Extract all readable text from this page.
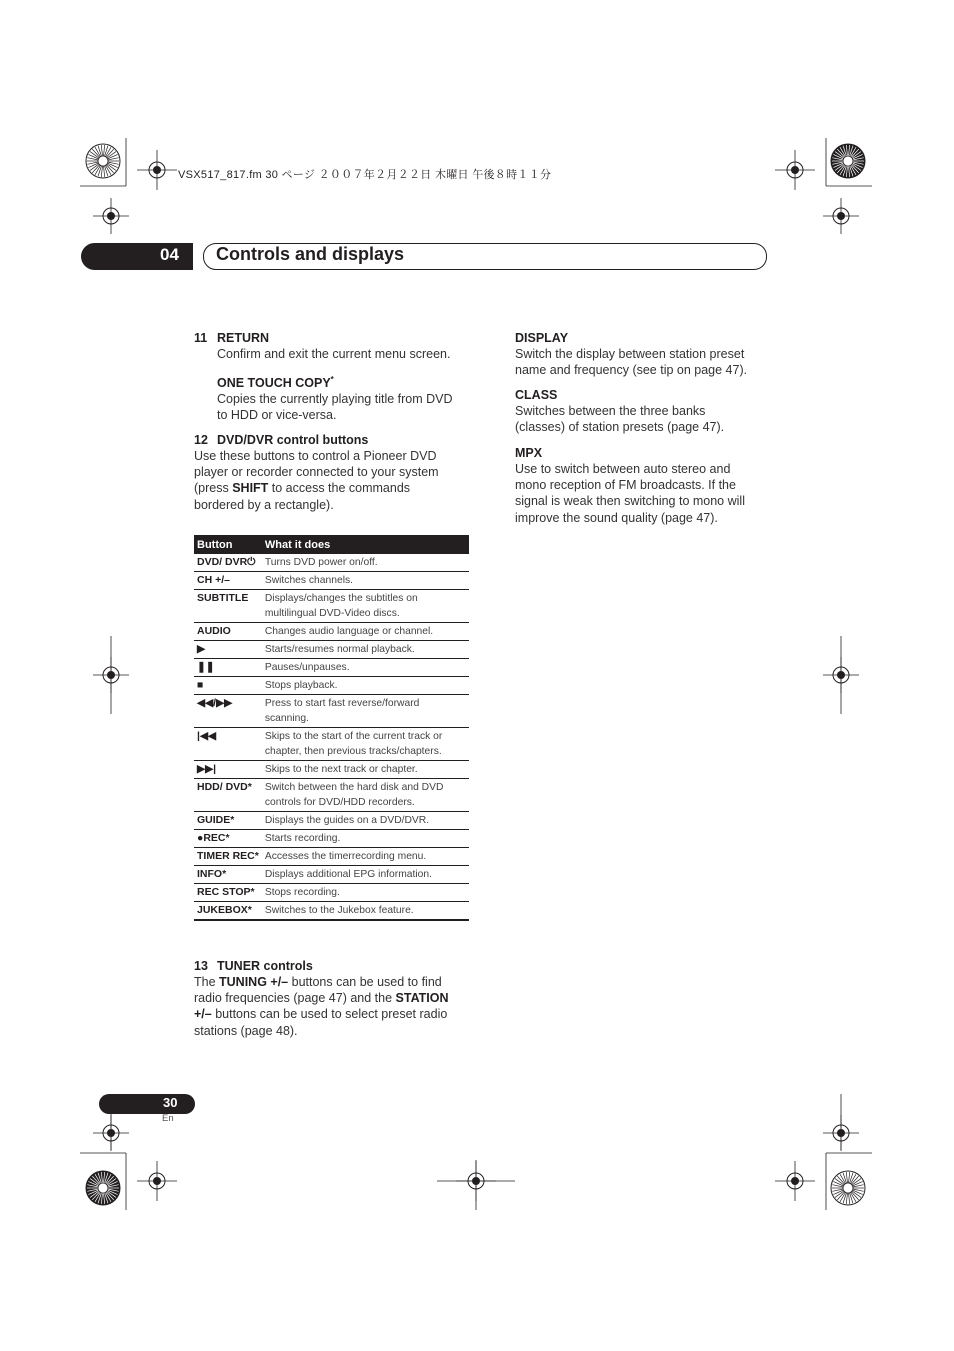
VSX517_817.fm 30 ページ ２００７年２月２２日 木曜日 午後８時１１分
04 Controls and displays
11 RETURN
Confirm and exit the current menu screen.
ONE TOUCH COPY*
Copies the currently playing title from DVD
to HDD or vice-versa.
12 DVD/DVR control buttons
Use these buttons to control a Pioneer DVD
player or recorder connected to your system
(press SHIFT to access the commands
bordered by a rectangle).
Button	What it does
DVD/ DVR⏻	Turns DVD power on/off.
CH +/–	Switches channels.
SUBTITLE	Displays/changes the subtitles on multilingual DVD-Video discs.
AUDIO	Changes audio language or channel.
▶	Starts/resumes normal playback.
❚❚	Pauses/unpauses.
■	Stops playback.
◀◀/▶▶	Press to start fast reverse/forward scanning.
|◀◀	Skips to the start of the current track or chapter, then previous tracks/chapters.
▶▶|	Skips to the next track or chapter.
HDD/ DVD*	Switch between the hard disk and DVD controls for DVD/HDD recorders.
GUIDE*	Displays the guides on a DVD/DVR.
●REC*	Starts recording.
TIMER REC*	Accesses the timerrecording menu.
INFO*	Displays additional EPG information.
REC STOP*	Stops recording.
JUKEBOX*	Switches to the Jukebox feature.
13 TUNER controls
The TUNING +/– buttons can be used to find
radio frequencies (page 47) and the STATION
+/– buttons can be used to select preset radio
stations (page 48).
DISPLAY
Switch the display between station preset
name and frequency (see tip on page 47).
CLASS
Switches between the three banks
(classes) of station presets (page 47).
MPX
Use to switch between auto stereo and
mono reception of FM broadcasts. If the
signal is weak then switching to mono will
improve the sound quality (page 47).
30
En
